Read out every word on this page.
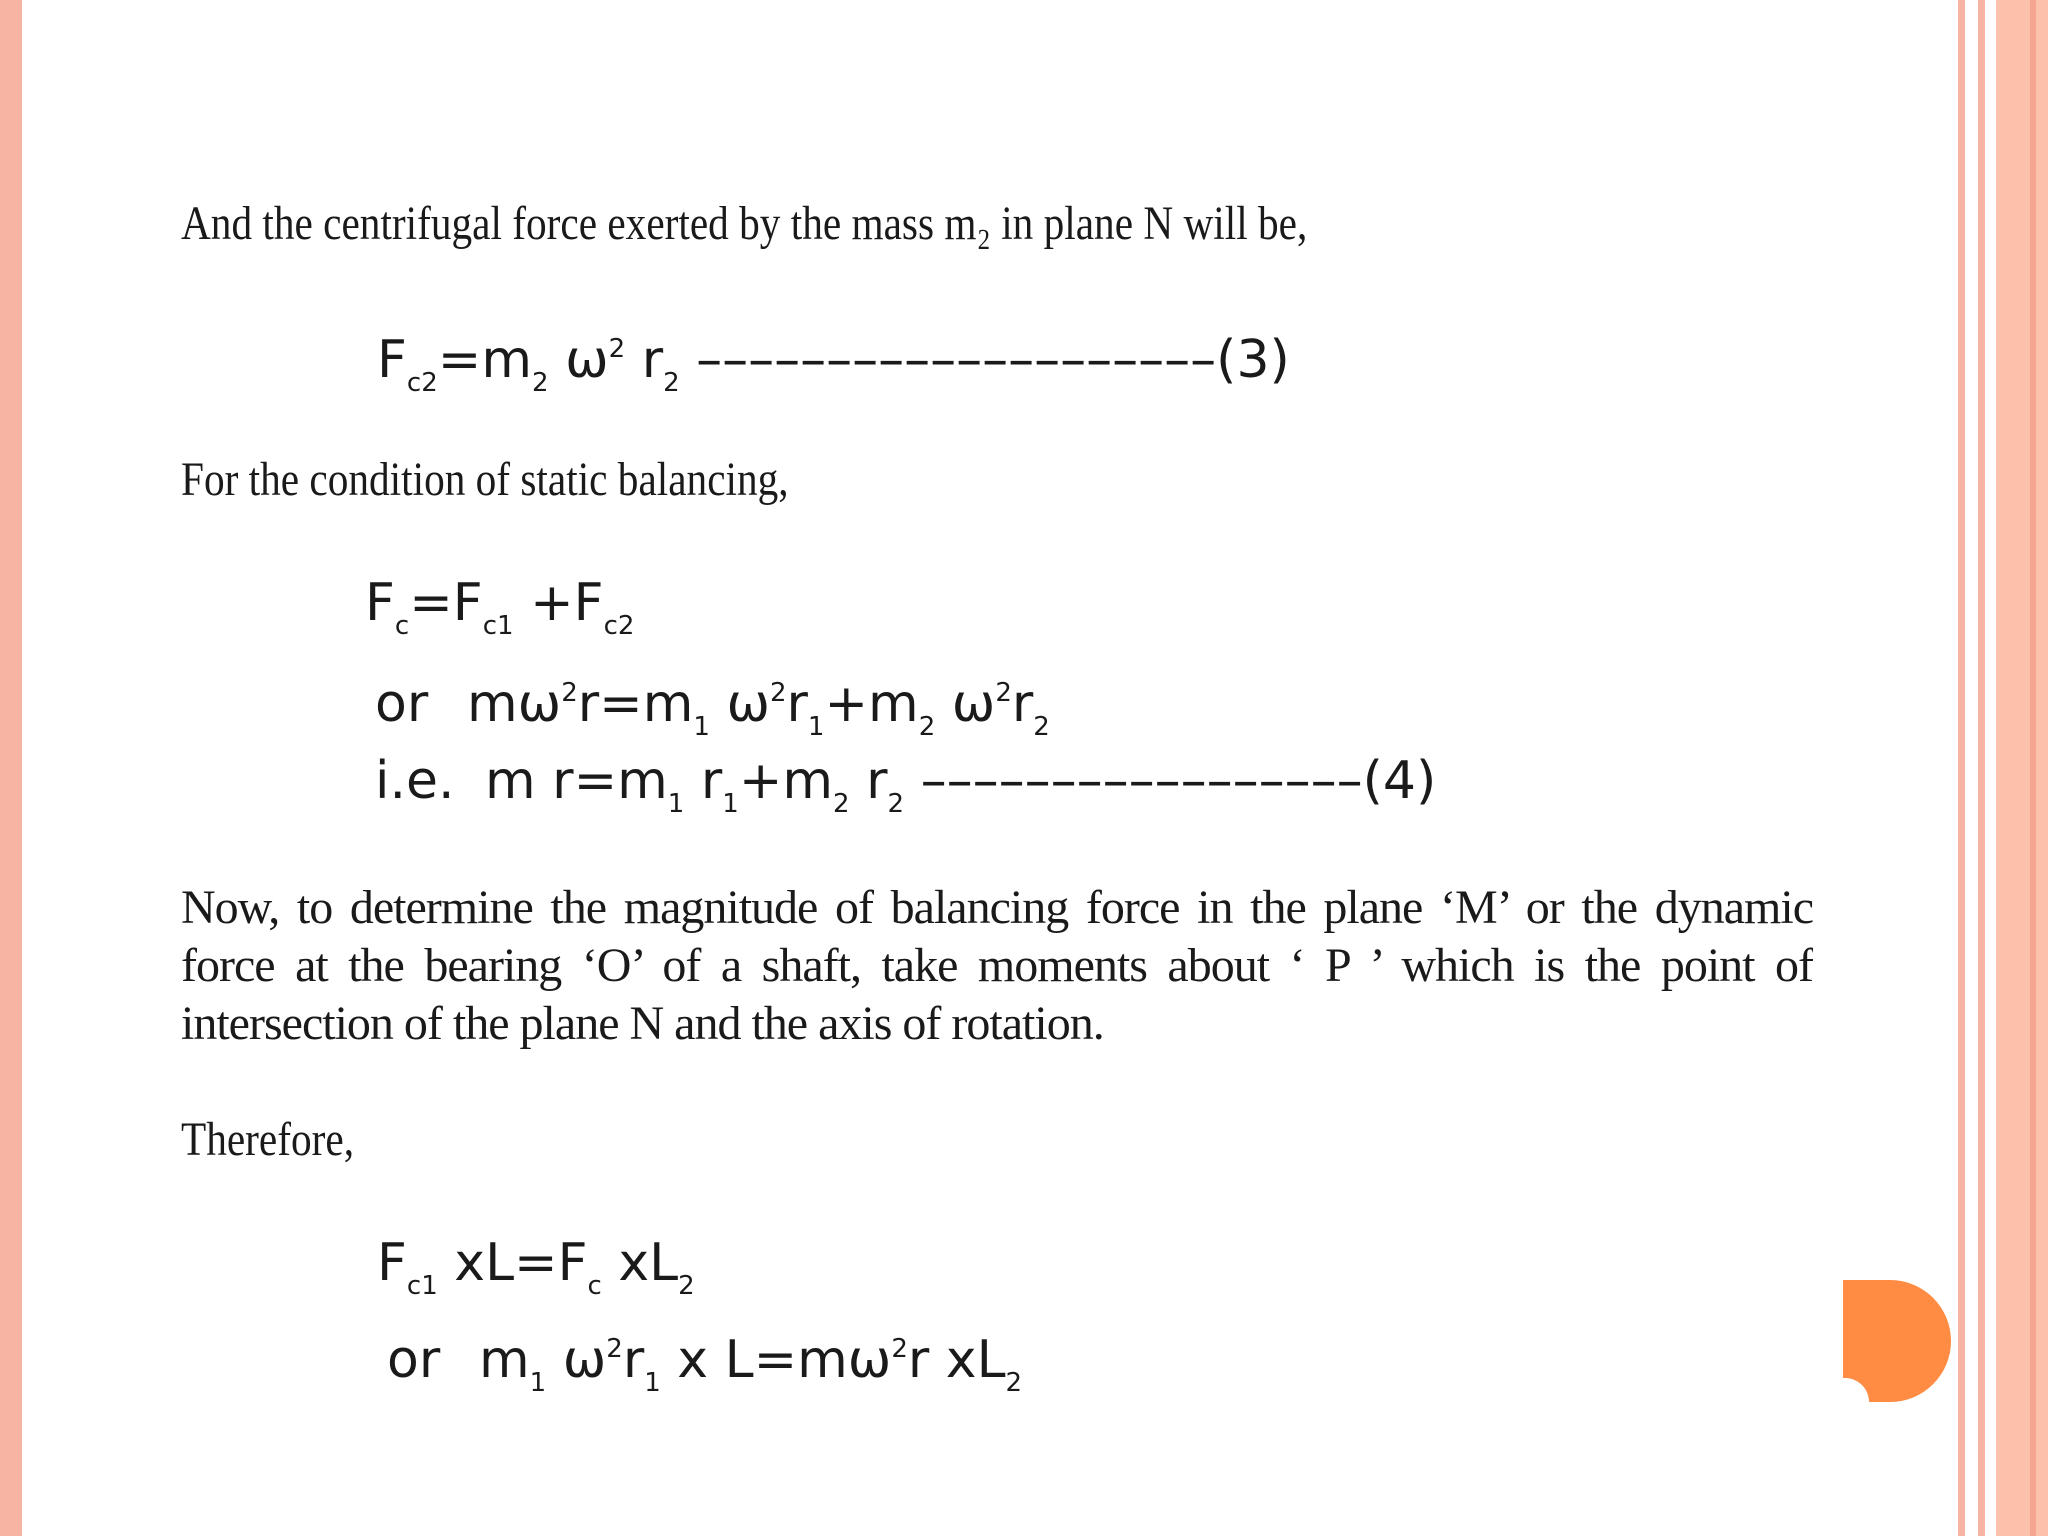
And the centrifugal force exerted by the mass m₂ in plane N will be,
$F_{c2}=m_2$ $\omega^2$ $r_2$ ––––––––––––––––––––(3)
For the condition of static balancing,
$F_c=F_{c1} +F_{c2}$
or $m\omega^2r=m_1$ $\omega^2r_1+m_2$ $\omega^2r_2$
i.e. m $r=m_1$ $r_1+m_2$ $r_2$ –––––––––––––––––(4)
Now, to determine the magnitude of balancing force in the plane ‘M’ or the dynamic
force at the bearing ‘O’ of a shaft, take moments about ‘ P ’ which is the point of
intersection of the plane N and the axis of rotation.
Therefore,
$F_{c1}$ $xL=F_c$ $xL_2$
or $m_1$ $\omega^2r_1$ x $L=m\omega^2r$ $xL_2$
